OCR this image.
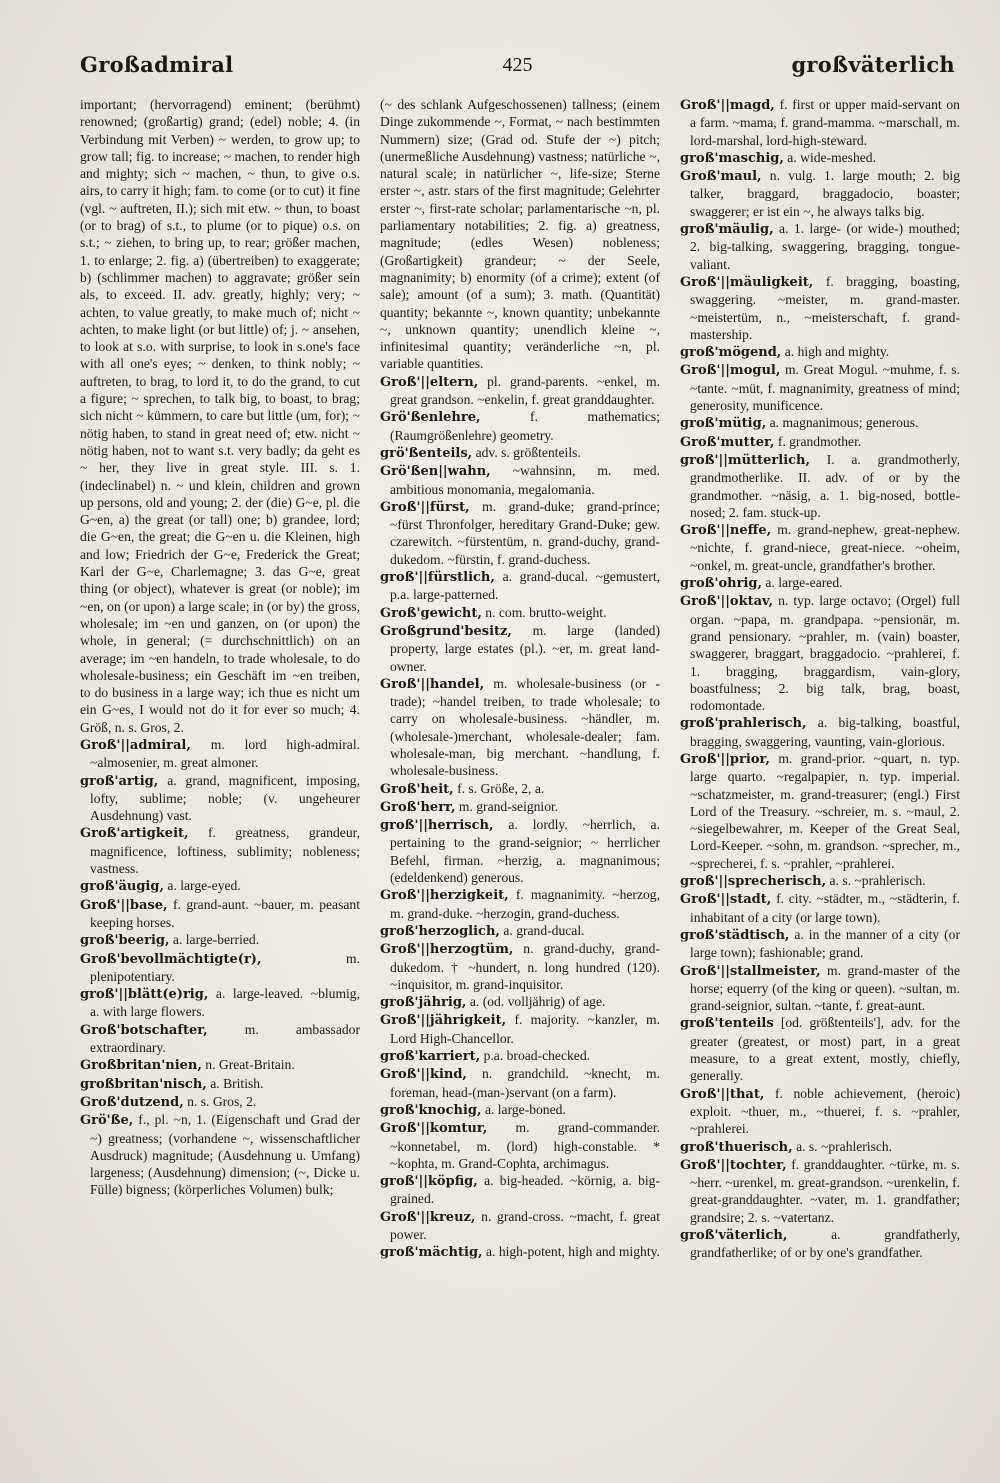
Großadmiral	425	großväterlich

important; (hervorragend) eminent; (berühmt) renowned; (großartig) grand; (edel) noble; 4. (in Verbindung mit Verben) ~ werden, to grow up; to grow tall; fig. to increase; ~ machen, to render high and mighty; sich ~ machen, ~ thun, to give o.s. airs, to carry it high; fam. to come (or to cut) it fine (vgl. ~ auftreten, II.); sich mit etw. ~ thun, to boast (or to brag) of s.t., to plume (or to pique) o.s. on s.t.; ~ ziehen, to bring up, to rear; größer machen, 1. to enlarge; 2. fig. a) (übertreiben) to exaggerate; b) (schlimmer machen) to aggravate; größer sein als, to exceed. II. adv. greatly, highly; very; ~ achten, to value greatly, to make much of; nicht ~ achten, to make light (or but little) of; j. ~ ansehen, to look at s.o. with surprise, to look in s.one's face with all one's eyes; ~ denken, to think nobly; ~ auftreten, to brag, to lord it, to do the grand, to cut a figure; ~ sprechen, to talk big, to boast, to brag; sich nicht ~ kümmern, to care but little (um, for); ~ nötig haben, to stand in great need of; etw. nicht ~ nötig haben, not to want s.t. very badly; da geht es ~ her, they live in great style. III. s. 1. (indeclinabel) n. ~ und klein, children and grown up persons, old and young; 2. der (die) G~e, pl. die G~en, a) the great (or tall) one; b) grandee, lord; die G~en, the great; die G~en u. die Kleinen, high and low; Friedrich der G~e, Frederick the Great; Karl der G~e, Charlemagne; 3. das G~e, great thing (or object), whatever is great (or noble); im ~en, on (or upon) a large scale; in (or by) the gross, wholesale; im ~en und ganzen, on (or upon) the whole, in general; (= durchschnittlich) on an average; im ~en handeln, to trade wholesale, to do wholesale-business; ein Geschäft im ~en treiben, to do business in a large way; ich thue es nicht um ein G~es, I would not do it for ever so much; 4. Größ, n. s. Gros, 2.

Groß'||admiral, m. lord high-admiral. ~almosenier, m. great almoner.

groß'artig, a. grand, magnificent, imposing, lofty, sublime; noble; (v. ungeheurer Ausdehnung) vast.

Groß'artigkeit, f. greatness, grandeur, magnificence, loftiness, sublimity; nobleness; vastness.

groß'äugig, a. large-eyed.

Groß'||base, f. grand-aunt. ~bauer, m. peasant keeping horses.

groß'beerig, a. large-berried.

Groß'bevollmächtigte(r),	m. plenipotentiary.

groß'||blätt(e)rig, a. large-leaved. ~blumig, a. with large flowers.

Groß'botschafter,	m. ambassador extraordinary.

Großbritan'nien, n. Great-Britain.

großbritan'nisch, a. British.

Groß'dutzend, n. s. Gros, 2.

Grö'ße, f., pl. ~n, 1. (Eigenschaft und Grad der ~) greatness; (vorhandene ~, wissenschaftlicher Ausdruck) magnitude; (Ausdehnung u. Umfang) largeness; (Ausdehnung) dimension; (~, Dicke u. Fülle) bigness; (körperliches Volumen) bulk;

(~ des schlank Aufgeschossenen) tallness; (einem Dinge zukommende ~, Format, ~ nach bestimmten Nummern) size; (Grad od. Stufe der ~) pitch; (unermeßliche Ausdehnung) vastness; natürliche ~, natural scale; in natürlicher ~, life-size; Sterne erster ~, astr. stars of the first magnitude; Gelehrter erster ~, first-rate scholar; parlamentarische ~n, pl. parliamentary notabilities; 2. fig. a) greatness, magnitude; (edles Wesen) nobleness; (Großartigkeit) grandeur; ~ der Seele, magnanimity; b) enormity (of a crime); extent (of sale); amount (of a sum); 3. math. (Quantität) quantity; bekannte ~, known quantity; unbekannte ~, unknown quantity; unendlich kleine ~, infinitesimal quantity; veränderliche ~n, pl. variable quantities.

Groß'||eltern, pl. grand-parents. ~enkel, m. great grandson. ~enkelin, f. great granddaughter.

Grö'ßenlehre,	f. mathematics; (Raumgrößenlehre) geometry.

grö'ßenteils, adv. s. größtenteils.

Grö'ßen||wahn, ~wahnsinn, m. med. ambitious monomania, megalomania.

Groß'||fürst, m. grand-duke; grand-prince; ~fürst Thronfolger, hereditary Grand-Duke; gew. czarewitch. ~fürstentüm, n. grand-duchy, grand-dukedom. ~fürstin, f. grand-duchess.

groß'||fürstlich, a. grand-ducal. ~gemustert, p.a. large-patterned.

Groß'gewicht, n. com. brutto-weight.

Großgrund'besitz, m. large (landed) property, large estates (pl.). ~er, m. great land-owner.

Groß'||handel, m. wholesale-business (or -trade); ~handel treiben, to trade wholesale; to carry on wholesale-business. ~händler, m. (wholesale-)merchant, wholesale-dealer; fam. wholesale-man, big merchant. ~handlung, f. wholesale-business.

Groß'heit, f. s. Größe, 2, a.

Groß'herr, m. grand-seignior.

groß'||herrisch, a. lordly. ~herrlich, a. pertaining to the grand-seignior; ~ herrlicher Befehl, firman. ~herzig, a. magnanimous; (edeldenkend) generous.

Groß'||herzigkeit, f. magnanimity. ~herzog, m. grand-duke. ~herzogin, grand-duchess.

groß'herzoglich, a. grand-ducal.

Groß'||herzogtüm, n. grand-duchy, grand-dukedom. † ~hundert, n. long hundred (120). ~inquisitor, m. grand-inquisitor.

groß'jährig, a. (od. volljährig) of age.

Groß'||jährigkeit, f. majority. ~kanzler, m. Lord High-Chancellor.

groß'karriert, p.a. broad-checked.

Groß'||kind, n. grandchild. ~knecht, m. foreman, head-(man-)servant (on a farm).

groß'knochig, a. large-boned.

Groß'||komtur, m. grand-commander. ~konnetabel, m. (lord) high-constable. * ~kophta, m. Grand-Cophta, archimagus.

groß'||köpfig, a. big-headed. ~körnig, a. big-grained.

Groß'||kreuz, n. grand-cross. ~macht, f. great power.

groß'mächtig, a. high-potent, high and mighty.

Groß'||magd, f. first or upper maid-servant on a farm. ~mama, f. grand-mamma. ~marschall, m. lord-marshal, lord-high-steward.

groß'maschig, a. wide-meshed.

Groß'maul, n. vulg. 1. large mouth; 2. big talker, braggard, braggadocio, boaster; swaggerer; er ist ein ~, he always talks big.

groß'mäulig, a. 1. large- (or wide-) mouthed; 2. big-talking, swaggering, bragging, tongue-valiant.

Groß'||mäuligkeit, f. bragging, boasting, swaggering. ~meister, m. grand-master. ~meistertüm, n., ~meisterschaft, f. grand-mastership.

groß'mögend, a. high and mighty.

Groß'||mogul, m. Great Mogul. ~muhme, f. s. ~tante. ~müt, f. magnanimity, greatness of mind; generosity, munificence.

groß'mütig, a. magnanimous; generous.

Groß'mutter, f. grandmother.

groß'||mütterlich, I. a. grandmotherly, grandmotherlike. II. adv. of or by the grandmother. ~näsig, a. 1. big-nosed, bottle-nosed; 2. fam. stuck-up.

Groß'||neffe, m. grand-nephew, great-nephew. ~nichte, f. grand-niece, great-niece. ~oheim, ~onkel, m. great-uncle, grandfather's brother.

groß'ohrig, a. large-eared.

Groß'||oktav, n. typ. large octavo; (Orgel) full organ. ~papa, m. grandpapa. ~pensionär, m. grand pensionary. ~prahler, m. (vain) boaster, swaggerer, braggart, braggadocio. ~prahlerei, f. 1. bragging, braggardism, vain-glory, boastfulness; 2. big talk, brag, boast, rodomontade.

groß'prahlerisch, a. big-talking, boastful, bragging, swaggering, vaunting, vain-glorious.

Groß'||prior, m. grand-prior. ~quart, n. typ. large quarto. ~regalpapier, n. typ. imperial. ~schatzmeister, m. grand-treasurer; (engl.) First Lord of the Treasury. ~schreier, m. s. ~maul, 2. ~siegelbewahrer, m. Keeper of the Great Seal, Lord-Keeper. ~sohn, m. grandson. ~sprecher, m., ~sprecherei, f. s. ~prahler, ~prahlerei.

groß'||sprecherisch, a. s. ~prahlerisch.

Groß'||stadt, f. city. ~städter, m., ~städterin, f. inhabitant of a city (or large town).

groß'städtisch, a. in the manner of a city (or large town); fashionable; grand.

Groß'||stallmeister, m. grand-master of the horse; equerry (of the king or queen). ~sultan, m. grand-seignior, sultan. ~tante, f. great-aunt.

groß'tenteils [od. größtenteils'], adv. for the greater (greatest, or most) part, in a great measure, to a great extent, mostly, chiefly, generally.

Groß'||that, f. noble achievement, (heroic) exploit. ~thuer, m., ~thuerei, f. s. ~prahler, ~prahlerei.

groß'thuerisch, a. s. ~prahlerisch.

Groß'||tochter, f. granddaughter. ~türke, m. s. ~herr. ~urenkel, m. great-grandson. ~urenkelin, f. great-granddaughter. ~vater, m. 1. grandfather; grandsire; 2. s. ~vatertanz.

groß'väterlich,	a. grandfatherly, grandfatherlike; of or by one's grandfather.
